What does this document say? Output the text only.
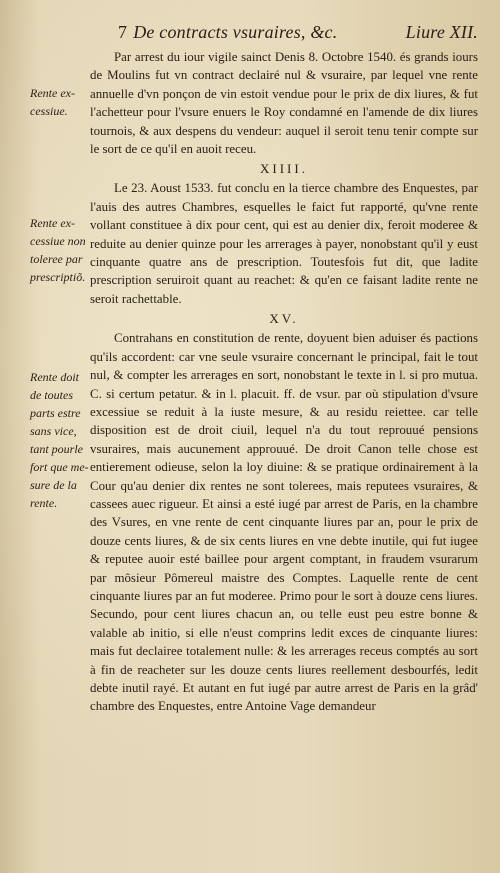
7 De contracts vsuraires, &c.	Liure XII.
Rente ex-
cessiue.
Rente ex-
cessiue non
toleree par
prescriptiõ.
Rente doit
de toutes
parts estre
sans vice,
tant pourle
fort que me-
sure de la
rente.

Par arrest du iour vigile sainct Denis 8. Octobre 1540. és grands iours de Moulins fut vn contract declairé nul & vsuraire, par lequel vne rente annuelle d'vn ponçon de vin estoit vendue pour le prix de dix liures, & fut l'achetteur pour l'vsure enuers le Roy condamné en l'amende de dix liures tournois, & aux despens du vendeur: auquel il seroit tenu tenir compte sur le sort de ce qu'il en auoit receu.

XIIII.

Le 23. Aoust 1533. fut conclu en la tierce chambre des Enquestes, par l'auis des autres Chambres, esquelles le faict fut rapporté, qu'vne rente vollant constituee à dix pour cent, qui est au denier dix, feroit moderee & reduite au denier quinze pour les arrerages à payer, nonobstant qu'il y eust cinquante quatre ans de prescription. Toutesfois fut dit, que ladite prescription seruiroit quant au reachet: & qu'en ce faisant ladite rente ne seroit rachettable.

XV.

Contrahans en constitution de rente, doyuent bien aduiser és pactions qu'ils accordent: car vne seule vsuraire concernant le principal, fait le tout nul, & compter les arrerages en sort, nonobstant le texte in l. si pro mutua. C. si certum petatur. & in l. placuit. ff. de vsur. par où stipulation d'vsure excessiue se reduit à la iuste mesure, & au residu reiettee. car telle disposition est de droit ciuil, lequel n'a du tout reprouué pensions vsuraires, mais aucunement approuué. De droit Canon telle chose est entierement odieuse, selon la loy diuine: & se pratique ordinairement à la Cour qu'au denier dix rentes ne sont tolerees, mais reputees vsuraires, & cassees auec rigueur. Et ainsi a esté iugé par arrest de Paris, en la chambre des Vsures, en vne rente de cent cinquante liures par an, pour le prix de douze cents liures, & de six cents liures en vne debte inutile, qui fut iugee & reputee auoir esté baillee pour argent comptant, in fraudem vsurarum par môsieur Pômereul maistre des Comptes. Laquelle rente de cent cinquante liures par an fut moderee. Primo pour le sort à douze cens liures. Secundo, pour cent liures chacun an, ou telle eust peu estre bonne & valable ab initio, si elle n'eust comprins ledit exces de cinquante liures: mais fut declairee totalement nulle: & les arrerages receus comptés au sort à fin de reacheter sur les douze cents liures reellement desbourfés, ledit debte inutil rayé. Et autant en fut iugé par autre arrest de Paris en la grâd' chambre des Enquestes, entre Antoine Vage demandeur
